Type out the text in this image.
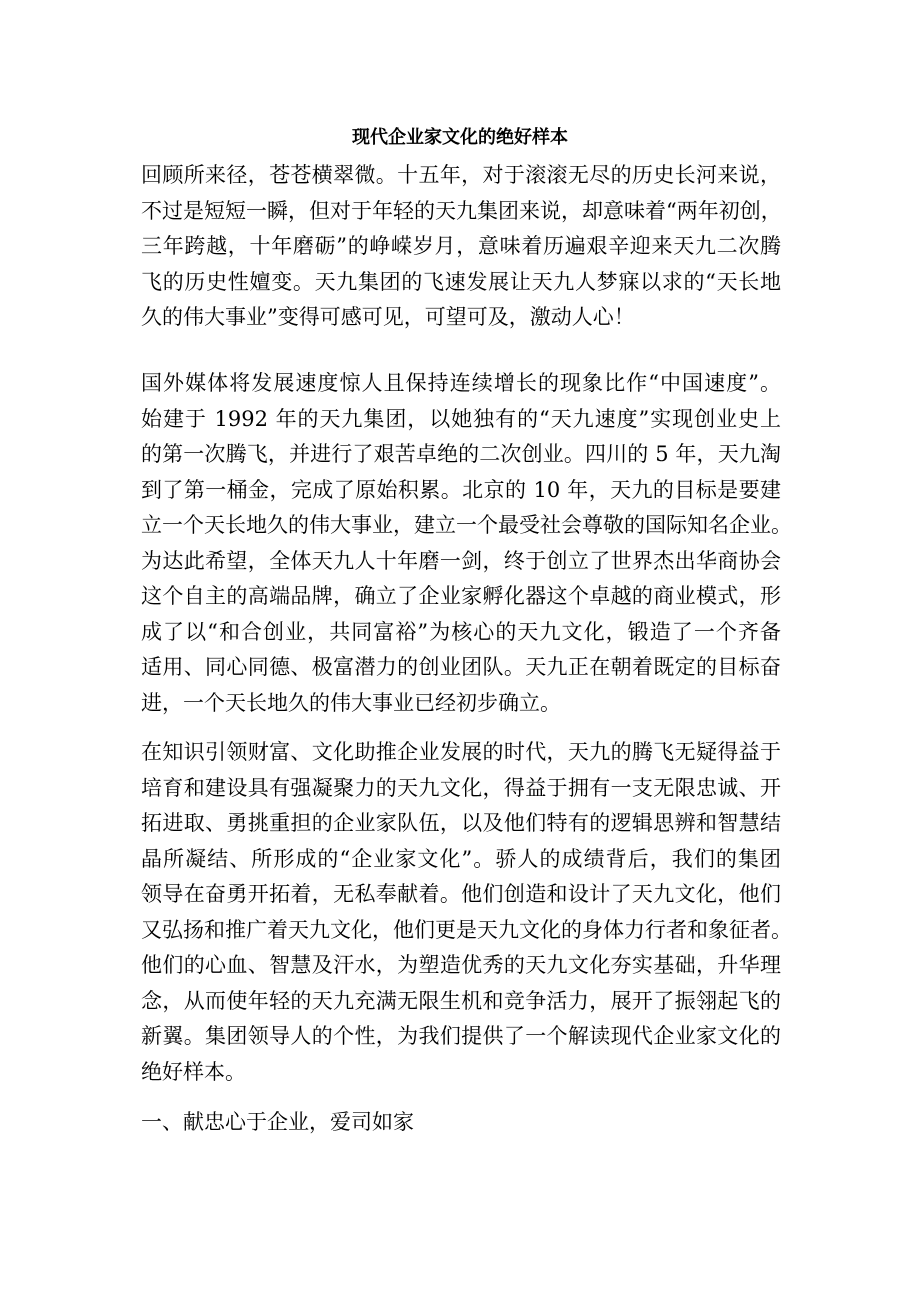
现代企业家文化的绝好样本

回顾所来径，苍苍横翠微。十五年，对于滚滚无尽的历史长河来说，
不过是短短一瞬，但对于年轻的天九集团来说，却意味着“两年初创，
三年跨越，十年磨砺”的峥嵘岁月，意味着历遍艰辛迎来天九二次腾
飞的历史性嬗变。天九集团的飞速发展让天九人梦寐以求的“天长地
久的伟大事业”变得可感可见，可望可及，激动人心！

国外媒体将发展速度惊人且保持连续增长的现象比作“中国速度”。
始建于 1992 年的天九集团，以她独有的“天九速度”实现创业史上
的第一次腾飞，并进行了艰苦卓绝的二次创业。四川的 5 年，天九淘
到了第一桶金，完成了原始积累。北京的 10 年，天九的目标是要建
立一个天长地久的伟大事业，建立一个最受社会尊敬的国际知名企业。
为达此希望，全体天九人十年磨一剑，终于创立了世界杰出华商协会
这个自主的高端品牌，确立了企业家孵化器这个卓越的商业模式，形
成了以“和合创业，共同富裕”为核心的天九文化，锻造了一个齐备
适用、同心同德、极富潜力的创业团队。天九正在朝着既定的目标奋
进，一个天长地久的伟大事业已经初步确立。

在知识引领财富、文化助推企业发展的时代，天九的腾飞无疑得益于
培育和建设具有强凝聚力的天九文化，得益于拥有一支无限忠诚、开
拓进取、勇挑重担的企业家队伍，以及他们特有的逻辑思辨和智慧结
晶所凝结、所形成的“企业家文化”。骄人的成绩背后，我们的集团
领导在奋勇开拓着，无私奉献着。他们创造和设计了天九文化，他们
又弘扬和推广着天九文化，他们更是天九文化的身体力行者和象征者。
他们的心血、智慧及汗水，为塑造优秀的天九文化夯实基础，升华理
念，从而使年轻的天九充满无限生机和竞争活力，展开了振翎起飞的
新翼。集团领导人的个性，为我们提供了一个解读现代企业家文化的
绝好样本。

一、献忠心于企业，爱司如家
